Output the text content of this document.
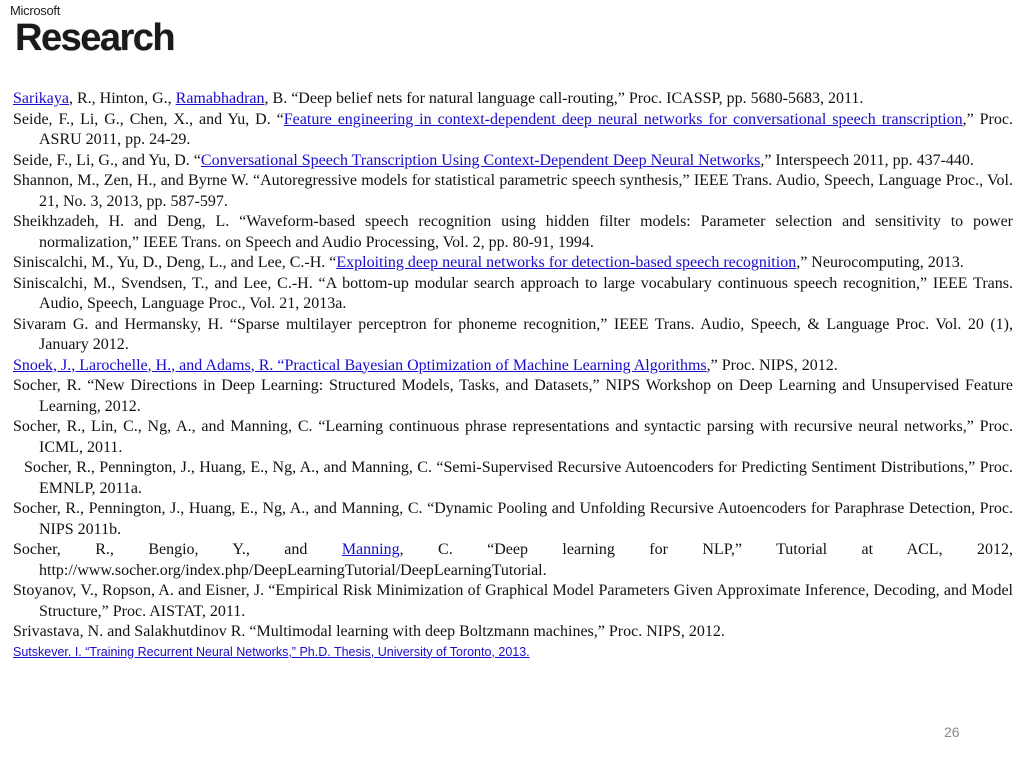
Microsoft
Research

Sarikaya, R., Hinton, G., Ramabhadran, B. “Deep belief nets for natural language call-routing,” Proc. ICASSP, pp. 5680-5683, 2011.

Seide, F., Li, G., Chen, X., and Yu, D. “Feature engineering in context-dependent deep neural networks for conversational speech transcription,” Proc. ASRU 2011, pp. 24-29.

Seide, F., Li, G., and Yu, D. “Conversational Speech Transcription Using Context-Dependent Deep Neural Networks,” Interspeech 2011, pp. 437-440.

Shannon, M., Zen, H., and Byrne W. “Autoregressive models for statistical parametric speech synthesis,” IEEE Trans. Audio, Speech, Language Proc., Vol. 21, No. 3, 2013, pp. 587-597.

Sheikhzadeh, H. and Deng, L. “Waveform-based speech recognition using hidden filter models: Parameter selection and sensitivity to power normalization,” IEEE Trans. on Speech and Audio Processing, Vol. 2, pp. 80-91, 1994.

Siniscalchi, M., Yu, D., Deng, L., and Lee, C.-H. “Exploiting deep neural networks for detection-based speech recognition,” Neurocomputing, 2013.

Siniscalchi, M., Svendsen, T., and Lee, C.-H. “A bottom-up modular search approach to large vocabulary continuous speech recognition,” IEEE Trans. Audio, Speech, Language Proc., Vol. 21, 2013a.

Sivaram G. and Hermansky, H. “Sparse multilayer perceptron for phoneme recognition,” IEEE Trans. Audio, Speech, & Language Proc. Vol. 20 (1), January 2012.

Snoek, J., Larochelle, H., and Adams, R. “Practical Bayesian Optimization of Machine Learning Algorithms,” Proc. NIPS, 2012.

Socher, R. “New Directions in Deep Learning: Structured Models, Tasks, and Datasets,” NIPS Workshop on Deep Learning and Unsupervised Feature Learning, 2012.

Socher, R., Lin, C., Ng, A., and Manning, C. “Learning continuous phrase representations and syntactic parsing with recursive neural networks,” Proc. ICML, 2011.

Socher, R., Pennington, J., Huang, E., Ng, A., and Manning, C. “Semi-Supervised Recursive Autoencoders for Predicting Sentiment Distributions,” Proc. EMNLP, 2011a.

Socher, R., Pennington, J., Huang, E., Ng, A., and Manning, C. “Dynamic Pooling and Unfolding Recursive Autoencoders for Paraphrase Detection, Proc. NIPS 2011b.

Socher, R., Bengio, Y., and Manning, C. “Deep learning for NLP,” Tutorial at ACL, 2012, http://www.socher.org/index.php/DeepLearningTutorial/DeepLearningTutorial.

Stoyanov, V., Ropson, A. and Eisner, J. “Empirical Risk Minimization of Graphical Model Parameters Given Approximate Inference, Decoding, and Model Structure,” Proc. AISTAT, 2011.

Srivastava, N. and Salakhutdinov R. “Multimodal learning with deep Boltzmann machines,” Proc. NIPS, 2012.

Sutskever. I. “Training Recurrent Neural Networks,” Ph.D. Thesis, University of Toronto, 2013.

26
